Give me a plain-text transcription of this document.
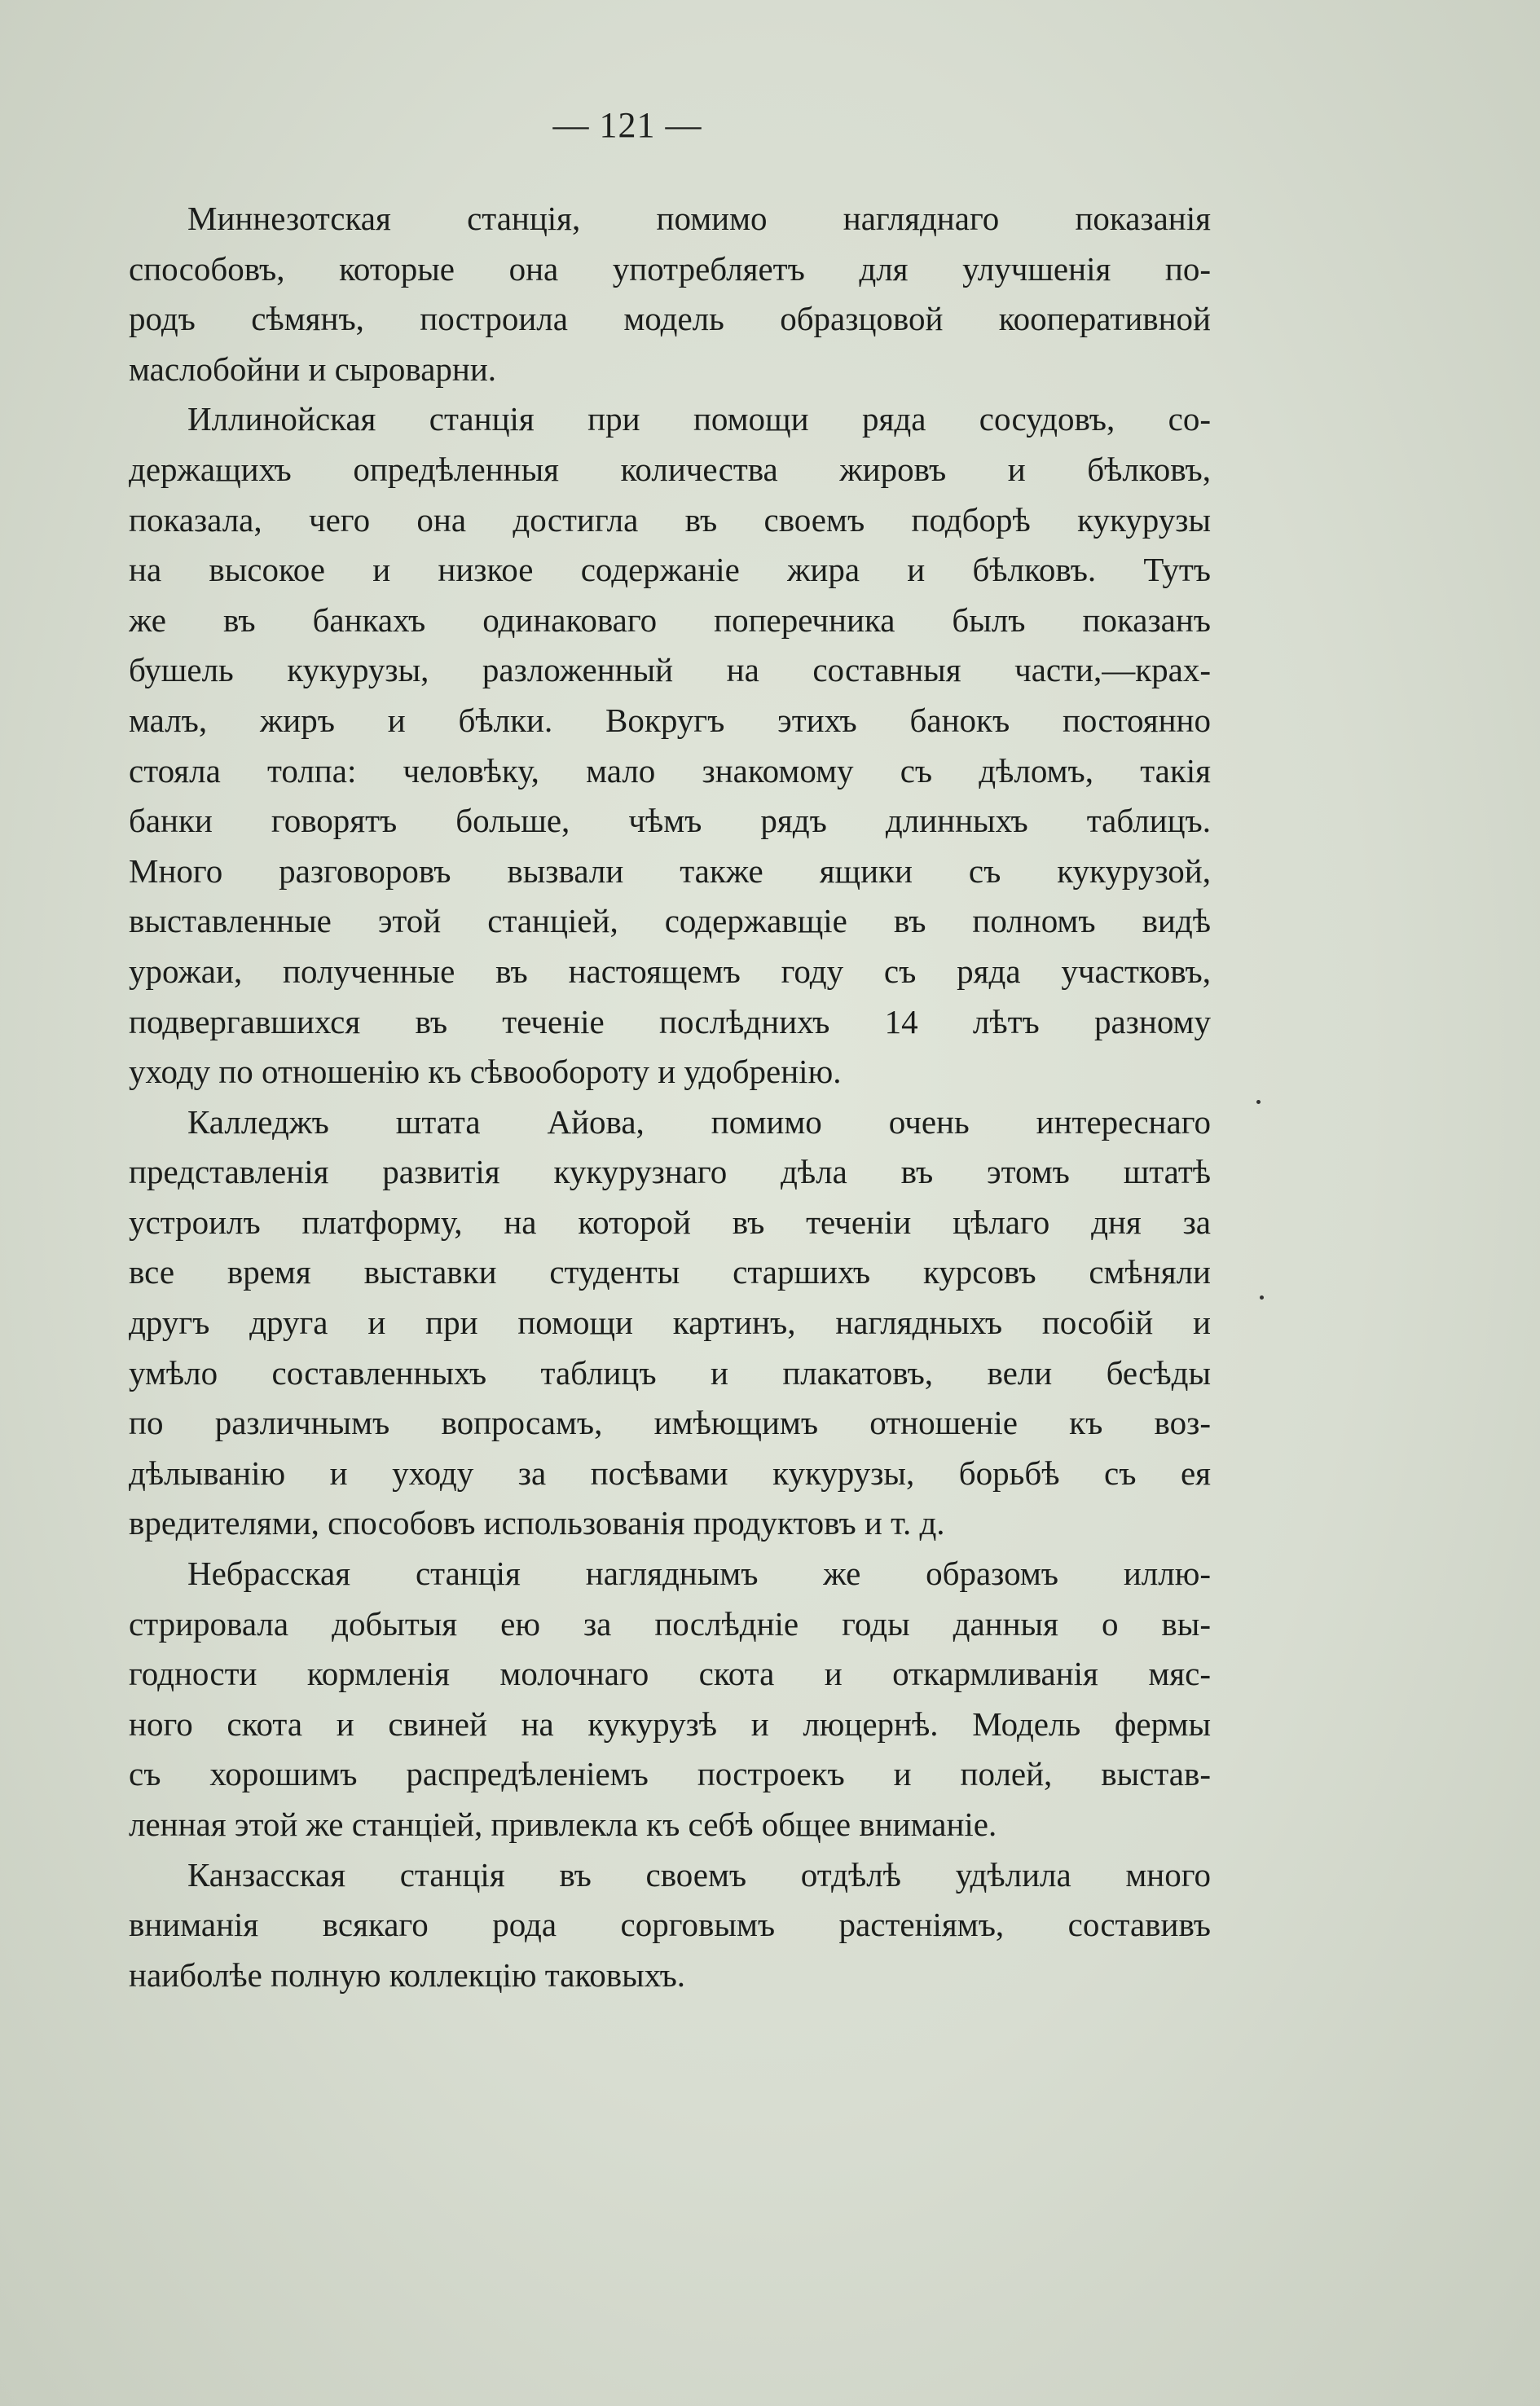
— 121 —
Миннезотская станція, помимо нагляднаго показанія
способовъ, которые она употребляетъ для улучшенія по-
родъ сѣмянъ, построила модель образцовой кооперативной
маслобойни и сыроварни.
Иллинойская станція при помощи ряда сосудовъ, со-
держащихъ опредѣленныя количества жировъ и бѣлковъ,
показала, чего она достигла въ своемъ подборѣ кукурузы
на высокое и низкое содержаніе жира и бѣлковъ. Тутъ
же въ банкахъ одинаковаго поперечника былъ показанъ
бушель кукурузы, разложенный на составныя части,—крах-
малъ, жиръ и бѣлки. Вокругъ этихъ банокъ постоянно
стояла толпа: человѣку, мало знакомому съ дѣломъ, такія
банки говорятъ больше, чѣмъ рядъ длинныхъ таблицъ.
Много разговоровъ вызвали также ящики съ кукурузой,
выставленные этой станціей, содержавщіе въ полномъ видѣ
урожаи, полученные въ настоящемъ году съ ряда участковъ,
подвергавшихся въ теченіе послѣднихъ 14 лѣтъ разному
уходу по отношенію къ сѣвообороту и удобренію.
Калледжъ штата Айова, помимо очень интереснаго
представленія развитія кукурузнаго дѣла въ этомъ штатѣ
устроилъ платформу, на которой въ теченіи цѣлаго дня за
все время выставки студенты старшихъ курсовъ смѣняли
другъ друга и при помощи картинъ, наглядныхъ пособій и
умѣло составленныхъ таблицъ и плакатовъ, вели бесѣды
по различнымъ вопросамъ, имѣющимъ отношеніе къ воз-
дѣлыванію и уходу за посѣвами кукурузы, борьбѣ съ ея
вредителями, способовъ использованія продуктовъ и т. д.
Небрасская станція нагляднымъ же образомъ иллю-
стрировала добытыя ею за послѣдніе годы данныя о вы-
годности кормленія молочнаго скота и откармливанія мяс-
ного скота и свиней на кукурузѣ и люцернѣ. Модель фермы
съ хорошимъ распредѣленіемъ построекъ и полей, выстав-
ленная этой же станціей, привлекла къ себѣ общее вниманіе.
Канзасская станція въ своемъ отдѣлѣ удѣлила много
вниманія всякаго рода сорговымъ растеніямъ, составивъ
наиболѣе полную коллекцію таковыхъ.
